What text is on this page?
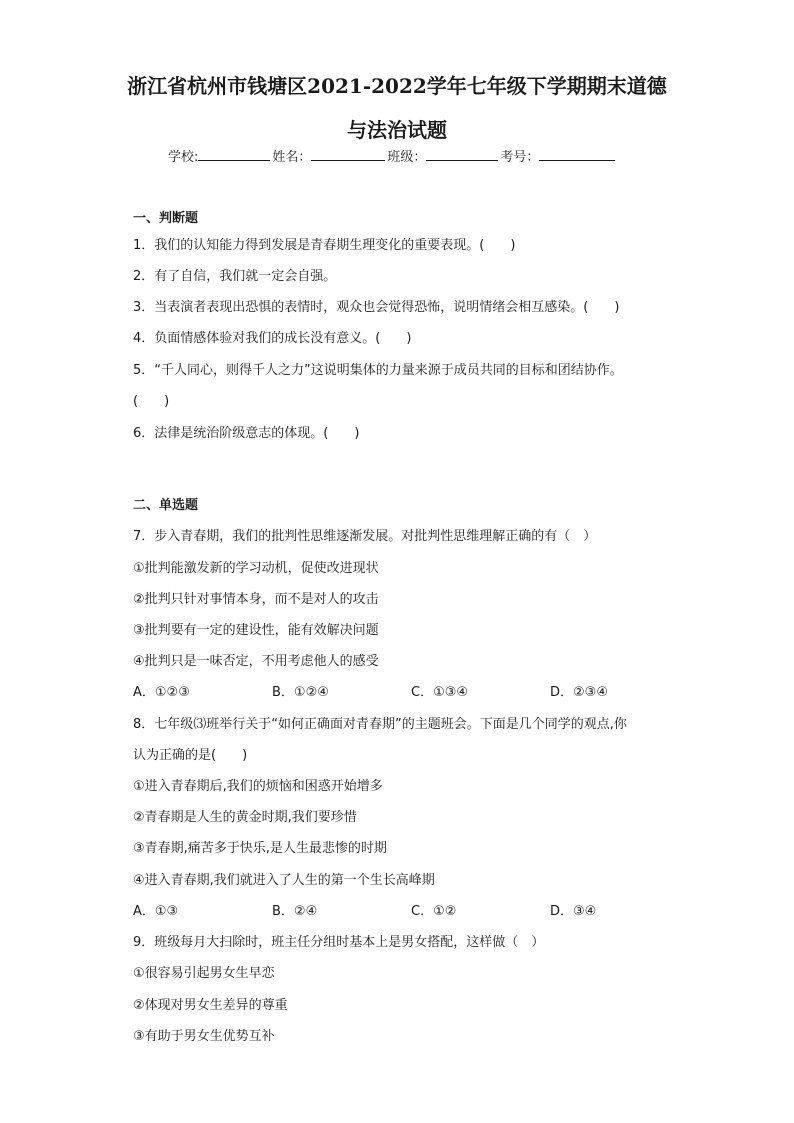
浙江省杭州市钱塘区2021-2022学年七年级下学期期末道德
与法治试题
学校:	姓名：	班级：	考号：
一、判断题
1．我们的认知能力得到发展是青春期生理变化的重要表现。(　　)
2．有了自信，我们就一定会自强。
3．当表演者表现出恐惧的表情时，观众也会觉得恐怖，说明情绪会相互感染。(　　)
4．负面情感体验对我们的成长没有意义。(　　)
5．“千人同心，则得千人之力”这说明集体的力量来源于成员共同的目标和团结协作。
(　　)
6．法律是统治阶级意志的体现。(　　)
二、单选题
7．步入青春期，我们的批判性思维逐渐发展。对批判性思维理解正确的有（　）
①批判能激发新的学习动机，促使改进现状
②批判只针对事情本身，而不是对人的攻击
③批判要有一定的建设性，能有效解决问题
④批判只是一味否定，不用考虑他人的感受
A．①②③	B．①②④	C．①③④	D．②③④
8．七年级⑶班举行关于“如何正确面对青春期”的主题班会。下面是几个同学的观点,你
认为正确的是(　　)
①进入青春期后,我们的烦恼和困惑开始增多
②青春期是人生的黄金时期,我们要珍惜
③青春期,痛苦多于快乐,是人生最悲惨的时期
④进入青春期,我们就进入了人生的第一个生长高峰期
A．①③	B．②④	C．①②	D．③④
9．班级每月大扫除时，班主任分组时基本上是男女搭配，这样做（　）
①很容易引起男女生早恋
②体现对男女生差异的尊重
③有助于男女生优势互补
